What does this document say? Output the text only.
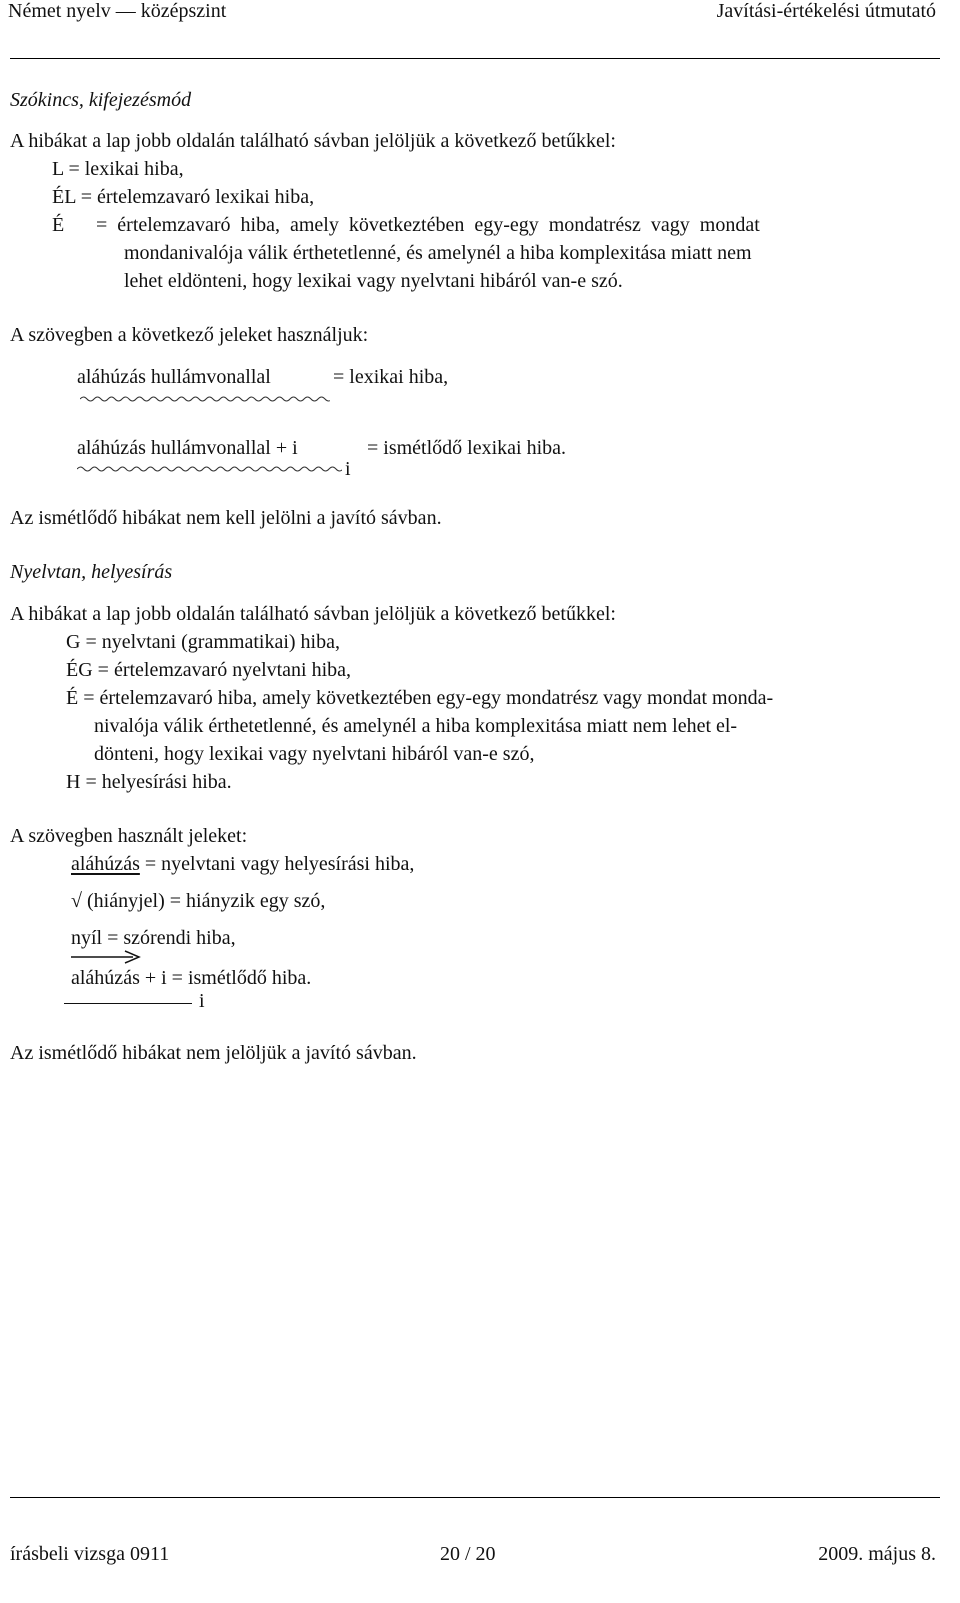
Német nyelv — középszint	Javítási-értékelési útmutató
Szókincs, kifejezésmód
A hibákat a lap jobb oldalán található sávban jelöljük a következő betűkkel:
L = lexikai hiba,
ÉL = értelemzavaró lexikai hiba,
É =  értelemzavaró  hiba,  amely  következtében  egy-egy  mondatrész  vagy  mondat
mondanivalója válik érthetetlenné, és amelynél a hiba komplexitása miatt nem
lehet eldönteni, hogy lexikai vagy nyelvtani hibáról van-e szó.
A szövegben a következő jeleket használjuk:
aláhúzás hullámvonallal	= lexikai hiba,
aláhúzás hullámvonallal + i	= ismétlődő lexikai hiba.
i
Az ismétlődő hibákat nem kell jelölni a javító sávban.
Nyelvtan, helyesírás
A hibákat a lap jobb oldalán található sávban jelöljük a következő betűkkel:
G = nyelvtani (grammatikai) hiba,
ÉG = értelemzavaró nyelvtani hiba,
É = értelemzavaró hiba, amely következtében egy-egy mondatrész vagy mondat monda-
nivalója válik érthetetlenné, és amelynél a hiba komplexitása miatt nem lehet el-
dönteni, hogy lexikai vagy nyelvtani hibáról van-e szó,
H = helyesírási hiba.
A szövegben használt jeleket:
aláhúzás = nyelvtani vagy helyesírási hiba,
√ (hiányjel) = hiányzik egy szó,
nyíl = szórendi hiba,
aláhúzás + i = ismétlődő hiba.
i
Az ismétlődő hibákat nem jelöljük a javító sávban.
írásbeli vizsga 0911	20 / 20	2009. május 8.
